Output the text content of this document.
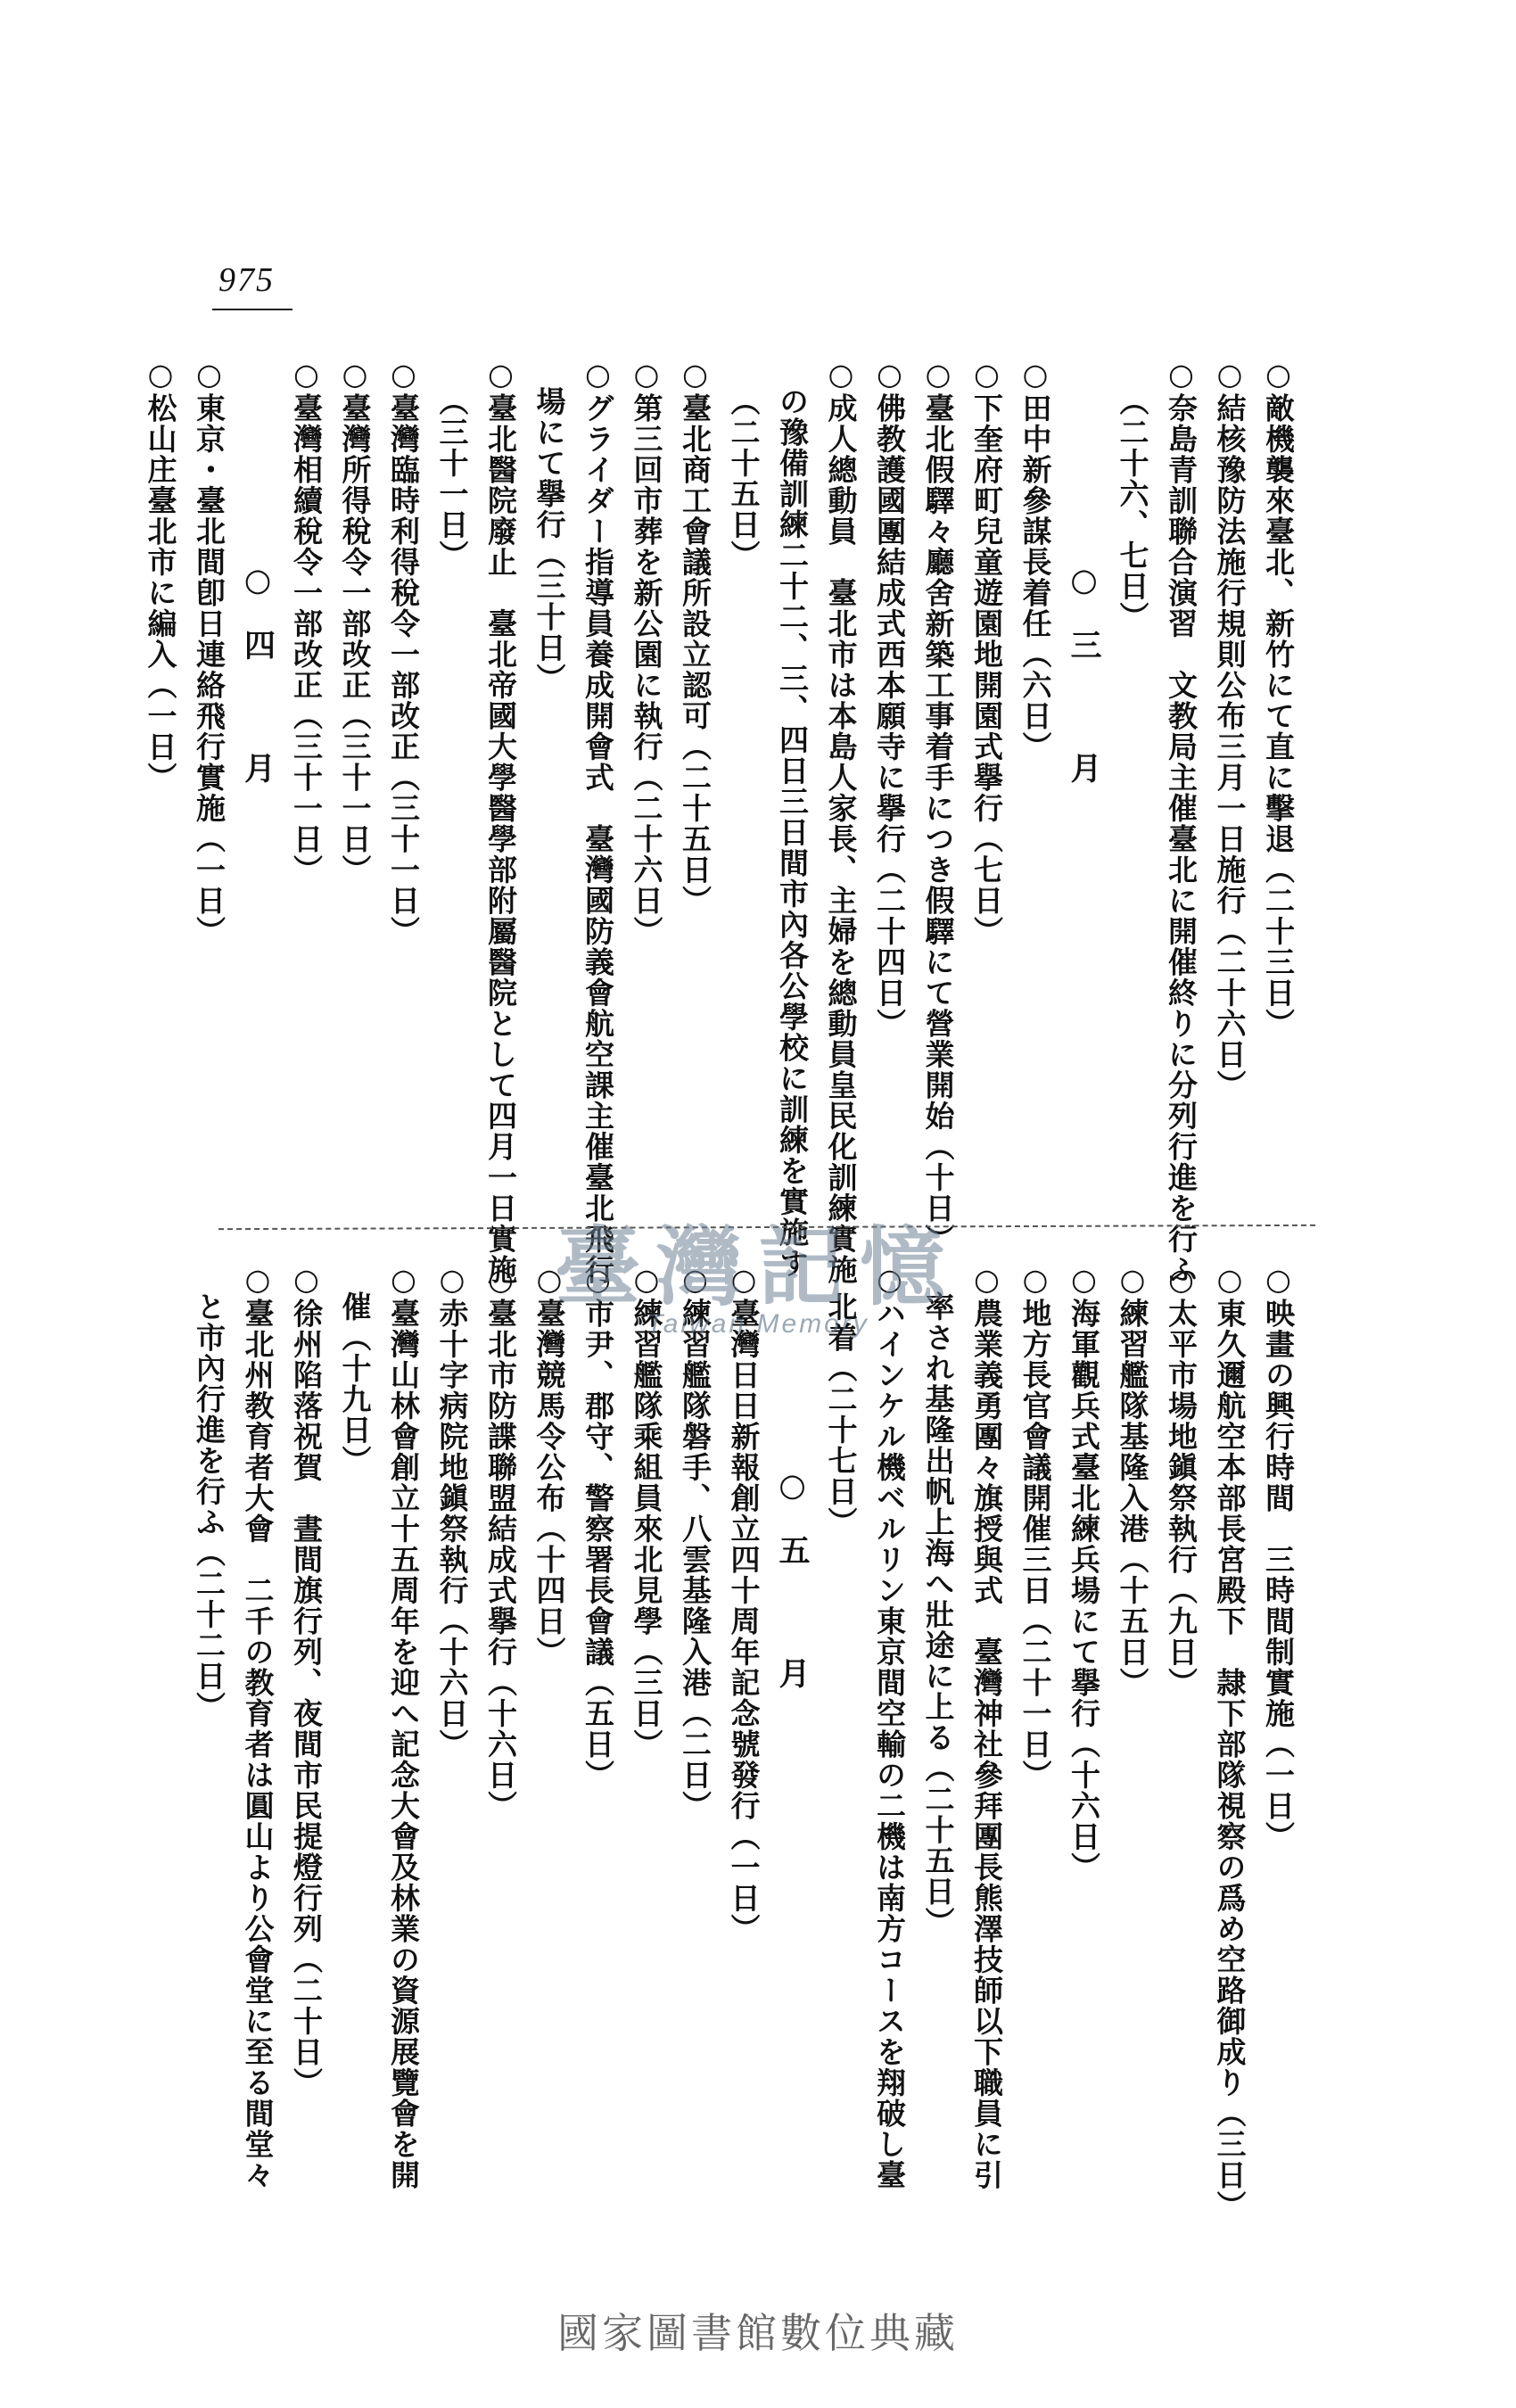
975
○敵機襲來臺北、新竹にて直に擊退（二十三日）
○結核豫防法施行規則公布三月一日施行（二十六日）
○奈島青訓聯合演習　文教局主催臺北に開催終りに分列行進を行ふ
（二十六、七日）
○三　月
○田中新參謀長着任（六日）
○下奎府町兒童遊園地開園式擧行（七日）
○臺北假驛々廳舍新築工事着手につき假驛にて營業開始（十日）
○佛教護國團結成式西本願寺に擧行（二十四日）
○成人總動員　臺北市は本島人家長、主婦を總動員皇民化訓練實施
の豫備訓練二十二、三、四日三日間市內各公學校に訓練を實施す
（二十五日）
○臺北商工會議所設立認可（二十五日）
○第三回市葬を新公園に執行（二十六日）
○グライダー指導員養成開會式　臺灣國防義會航空課主催臺北飛行
場にて擧行（三十日）
○臺北醫院廢止　臺北帝國大學醫學部附屬醫院として四月一日實施
（三十一日）
○臺灣臨時利得稅令一部改正（三十一日）
○臺灣所得稅令一部改正（三十一日）
○臺灣相續稅令一部改正（三十一日）
○四　月
○東京・臺北間卽日連絡飛行實施（一日）
○松山庄臺北市に編入（一日）
○映畫の興行時間　三時間制實施（一日）
○東久邇航空本部長宮殿下　隷下部隊視察の爲め空路御成り（三日）
○太平市場地鎭祭執行（九日）
○練習艦隊基隆入港（十五日）
○海軍觀兵式臺北練兵場にて擧行（十六日）
○地方長官會議開催三日（二十一日）
○農業義勇團々旗授與式　臺灣神社參拜團長熊澤技師以下職員に引
率され基隆出帆上海へ壯途に上る（二十五日）
○ハインケル機ベルリン東京間空輸の二機は南方コースを翔破し臺
北着（二十七日）
○五　月
○臺灣日日新報創立四十周年記念號發行（一日）
○練習艦隊磐手、八雲基隆入港（二日）
○練習艦隊乘組員來北見學（三日）
○市尹、郡守、警察署長會議（五日）
○臺灣競馬令公布（十四日）
○臺北市防諜聯盟結成式擧行（十六日）
○赤十字病院地鎭祭執行（十六日）
○臺灣山林會創立十五周年を迎へ記念大會及林業の資源展覽會を開
催（十九日）
○徐州陷落祝賀　晝間旗行列、夜間市民提燈行列（二十日）
○臺北州教育者大會　二千の教育者は圓山より公會堂に至る間堂々
と市內行進を行ふ（二十二日）
臺灣記憶
Taiwan Memory
國家圖書館數位典藏
